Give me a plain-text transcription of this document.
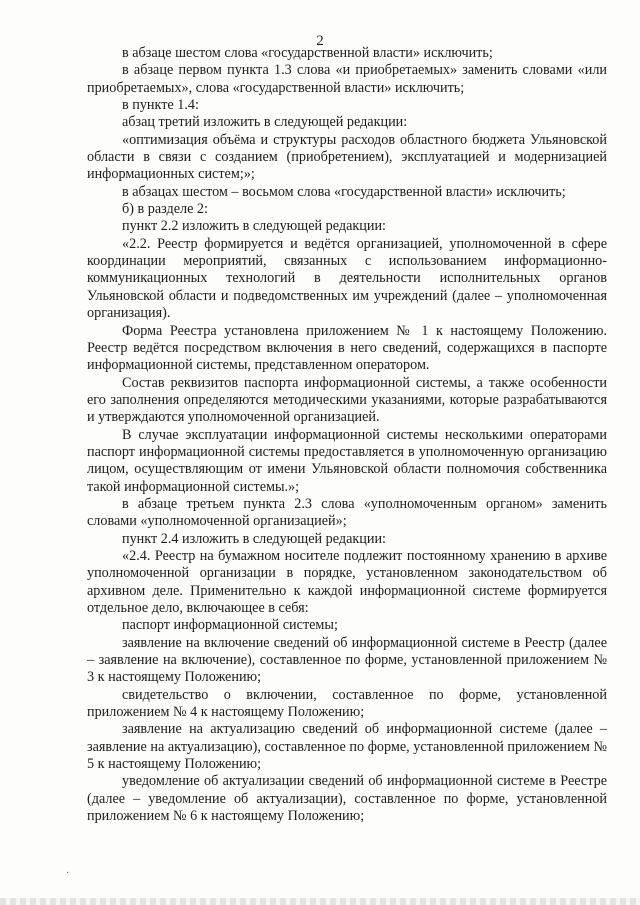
2

в абзаце шестом слова «государственной власти» исключить;

в абзаце первом пункта 1.3 слова «и приобретаемых» заменить словами «или приобретаемых», слова «государственной власти» исключить;

в пункте 1.4:

абзац третий изложить в следующей редакции:

«оптимизация объёма и структуры расходов областного бюджета Ульяновской области в связи с созданием (приобретением), эксплуатацией и модернизацией информационных систем;»;

в абзацах шестом – восьмом слова «государственной власти» исключить;

б) в разделе 2:

пункт 2.2 изложить в следующей редакции:

«2.2. Реестр формируется и ведётся организацией, уполномоченной в сфере координации мероприятий, связанных с использованием информационно-коммуникационных технологий в деятельности исполнительных органов Ульяновской области и подведомственных им учреждений (далее – уполномоченная организация).

Форма Реестра установлена приложением № 1 к настоящему Положению. Реестр ведётся посредством включения в него сведений, содержащихся в паспорте информационной системы, представленном оператором.

Состав реквизитов паспорта информационной системы, а также особенности его заполнения определяются методическими указаниями, которые разрабатываются и утверждаются уполномоченной организацией.

В случае эксплуатации информационной системы несколькими операторами паспорт информационной системы предоставляется в уполномоченную организацию лицом, осуществляющим от имени Ульяновской области полномочия собственника такой информационной системы.»;

в абзаце третьем пункта 2.3 слова «уполномоченным органом» заменить словами «уполномоченной организацией»;

пункт 2.4 изложить в следующей редакции:

«2.4. Реестр на бумажном носителе подлежит постоянному хранению в архиве уполномоченной организации в порядке, установленном законодательством об архивном деле. Применительно к каждой информационной системе формируется отдельное дело, включающее в себя:

паспорт информационной системы;

заявление на включение сведений об информационной системе в Реестр (далее – заявление на включение), составленное по форме, установленной приложением № 3 к настоящему Положению;

свидетельство о включении, составленное по форме, установленной приложением № 4 к настоящему Положению;

заявление на актуализацию сведений об информационной системе (далее – заявление на актуализацию), составленное по форме, установленной приложением № 5 к настоящему Положению;

уведомление об актуализации сведений об информационной системе в Реестре (далее – уведомление об актуализации), составленное по форме, установленной приложением № 6 к настоящему Положению;

·
